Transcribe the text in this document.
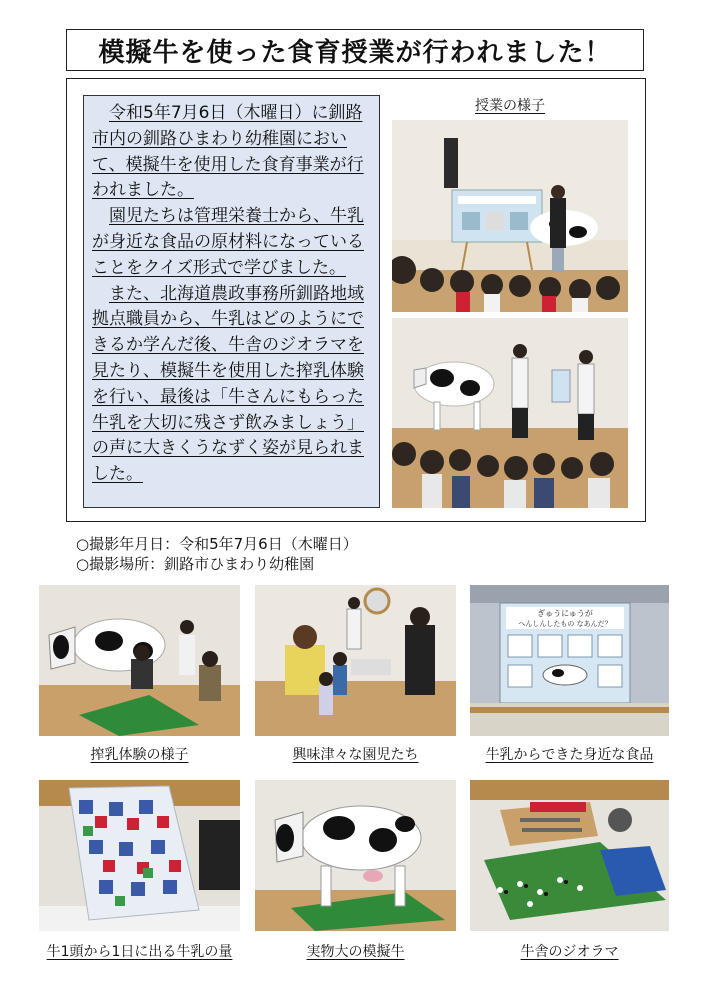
模擬牛を使った食育授業が行われました！

令和5年7月6日（木曜日）に釧路市内の釧路ひまわり幼稚園において、模擬牛を使用した食育事業が行われました。

園児たちは管理栄養士から、牛乳が身近な食品の原材料になっていることをクイズ形式で学びました。

また、北海道農政事務所釧路地域拠点職員から、牛乳はどのようにできるか学んだ後、牛舎のジオラマを見たり、模擬牛を使用した搾乳体験を行い、最後は「牛さんにもらった牛乳を大切に残さず飲みましょう」の声に大きくうなずく姿が見られました。

授業の様子
○撮影年月日：令和5年7月6日（木曜日）
○撮影場所：釧路市ひまわり幼稚園
搾乳体験の様子	興味津々な園児たち
ぎゅうにゅうが
へんしんしたもの なあんだ？
牛乳からできた身近な食品
牛1頭から1日に出る牛乳の量	実物大の模擬牛	牛舎のジオラマ
